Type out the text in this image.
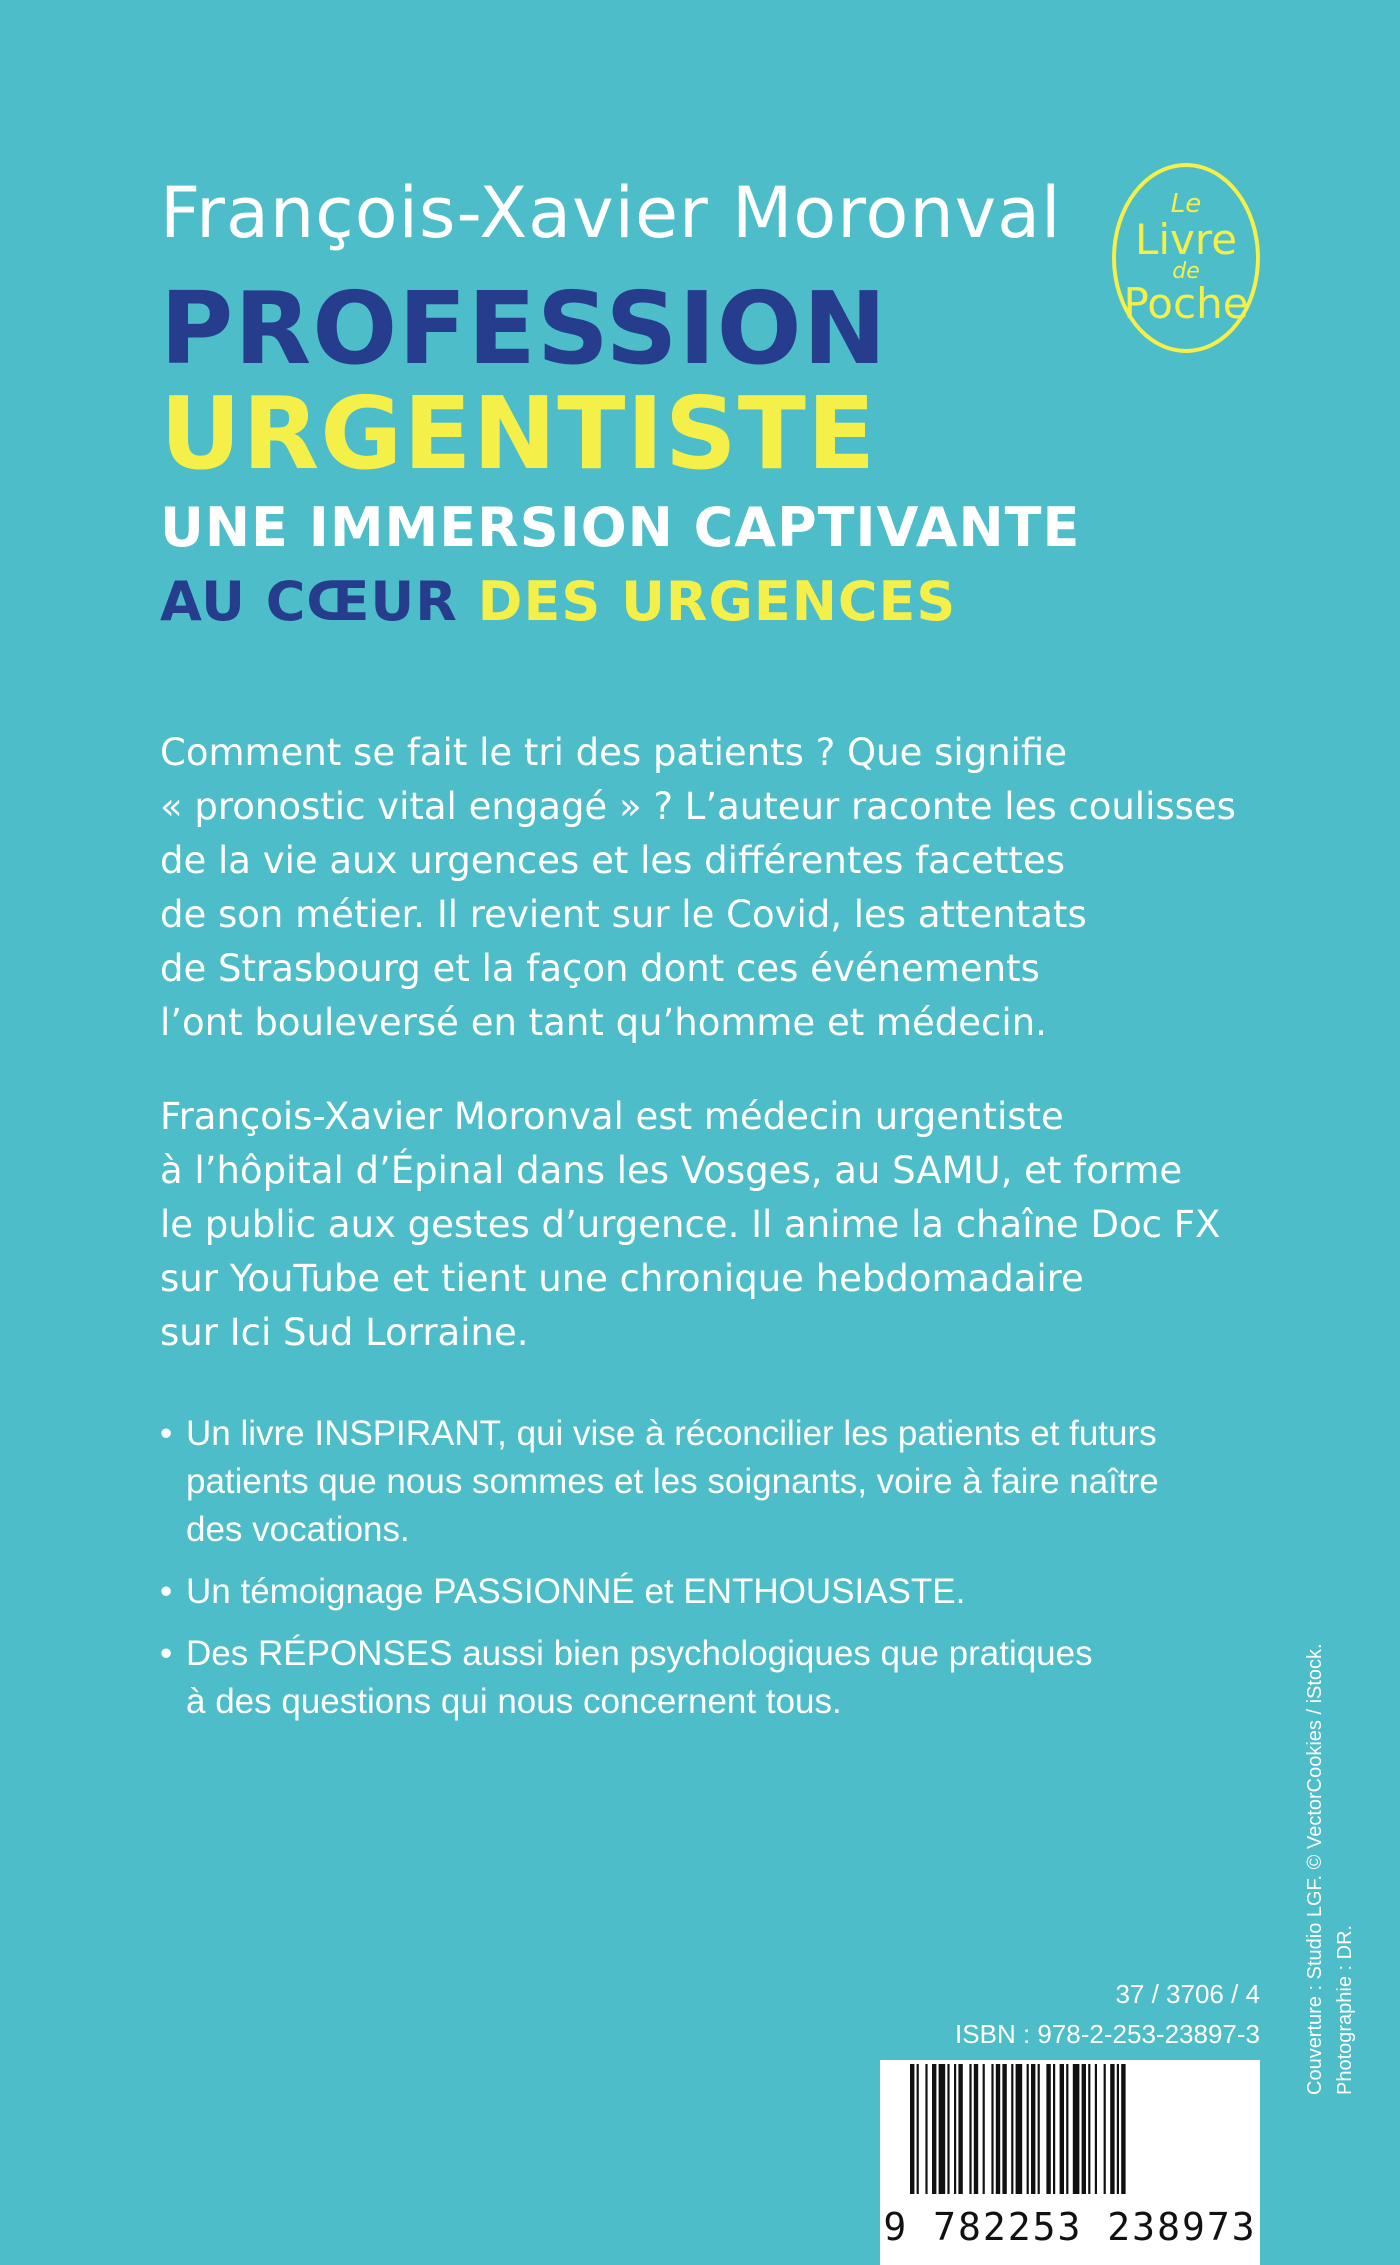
François-Xavier Moronval
PROFESSION
URGENTISTE
UNE IMMERSION CAPTIVANTE
AU CŒUR DES URGENCES
Le
Livre
de
Poche

Comment se fait le tri des patients ? Que signifie
« pronostic vital engagé » ? L’auteur raconte les coulisses
de la vie aux urgences et les différentes facettes
de son métier. Il revient sur le Covid, les attentats
de Strasbourg et la façon dont ces événements
l’ont bouleversé en tant qu’homme et médecin.

François-Xavier Moronval est médecin urgentiste
à l’hôpital d’Épinal dans les Vosges, au SAMU, et forme
le public aux gestes d’urgence. Il anime la chaîne Doc FX
sur YouTube et tient une chronique hebdomadaire
sur Ici Sud Lorraine.

• Un livre INSPIRANT, qui vise à réconcilier les patients et futurs
patients que nous sommes et les soignants, voire à faire naître
des vocations.
• Un témoignage PASSIONNÉ et ENTHOUSIASTE.
• Des RÉPONSES aussi bien psychologiques que pratiques
à des questions qui nous concernent tous.
37 / 3706 / 4
ISBN : 978-2-253-23897-3
9 782253 238973
Couverture : Studio LGF. © VectorCookies / iStock. Photographie : DR.
